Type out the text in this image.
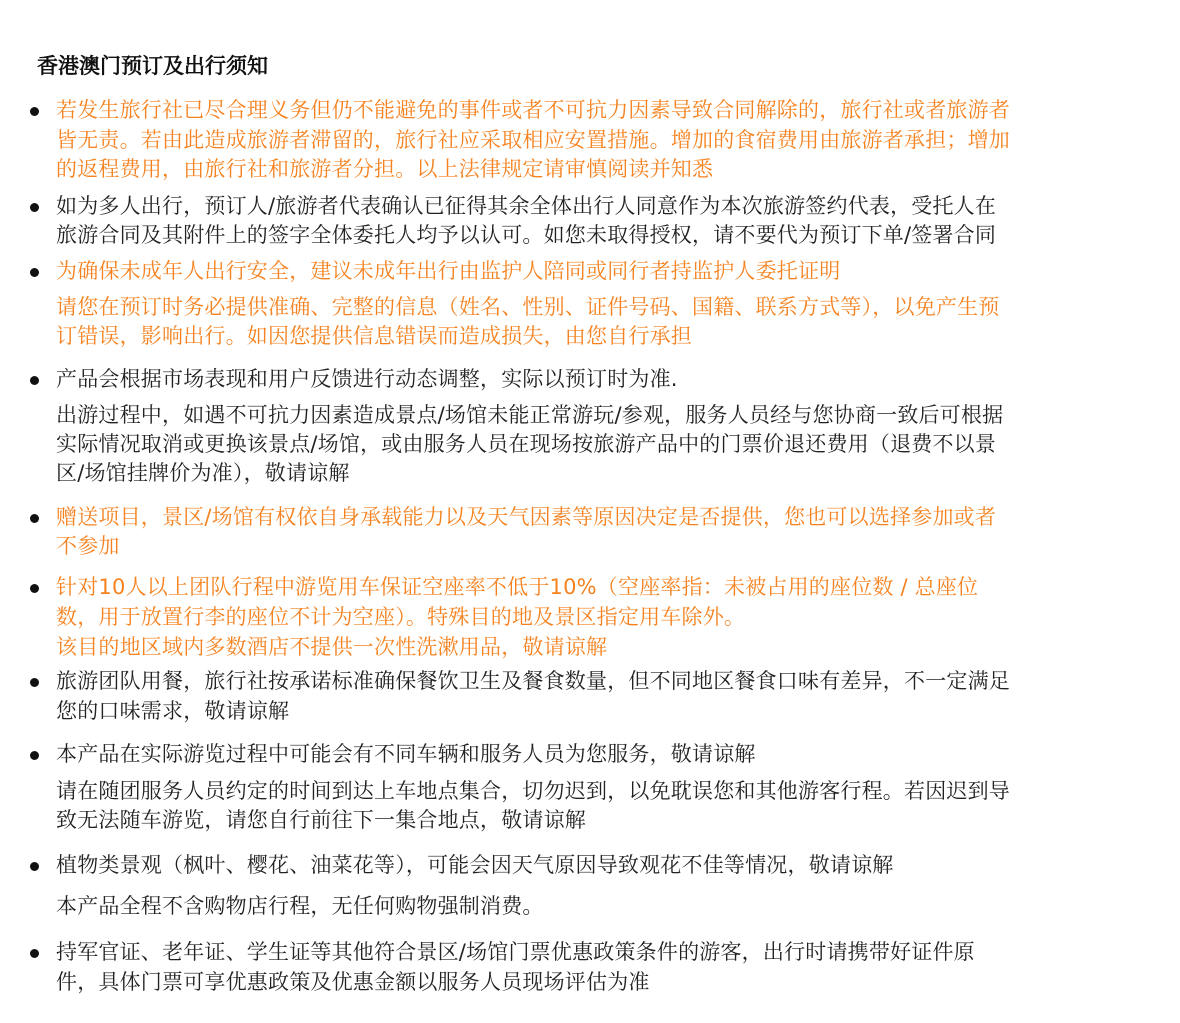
香港澳门预订及出行须知
若发生旅行社已尽合理义务但仍不能避免的事件或者不可抗力因素导致合同解除的，旅行社或者旅游者
皆无责。若由此造成旅游者滞留的，旅行社应采取相应安置措施。增加的食宿费用由旅游者承担；增加
的返程费用，由旅行社和旅游者分担。以上法律规定请审慎阅读并知悉
如为多人出行，预订人/旅游者代表确认已征得其余全体出行人同意作为本次旅游签约代表，受托人在
旅游合同及其附件上的签字全体委托人均予以认可。如您未取得授权，请不要代为预订下单/签署合同
为确保未成年人出行安全，建议未成年出行由监护人陪同或同行者持监护人委托证明
请您在预订时务必提供准确、完整的信息（姓名、性别、证件号码、国籍、联系方式等），以免产生预
订错误，影响出行。如因您提供信息错误而造成损失，由您自行承担
产品会根据市场表现和用户反馈进行动态调整，实际以预订时为准.
出游过程中，如遇不可抗力因素造成景点/场馆未能正常游玩/参观，服务人员经与您协商一致后可根据
实际情况取消或更换该景点/场馆，或由服务人员在现场按旅游产品中的门票价退还费用（退费不以景
区/场馆挂牌价为准），敬请谅解
赠送项目，景区/场馆有权依自身承载能力以及天气因素等原因决定是否提供，您也可以选择参加或者
不参加
针对10人以上团队行程中游览用车保证空座率不低于10%（空座率指：未被占用的座位数 / 总座位
数，用于放置行李的座位不计为空座）。特殊目的地及景区指定用车除外。
该目的地区域内多数酒店不提供一次性洗漱用品，敬请谅解
旅游团队用餐，旅行社按承诺标准确保餐饮卫生及餐食数量，但不同地区餐食口味有差异，不一定满足
您的口味需求，敬请谅解
本产品在实际游览过程中可能会有不同车辆和服务人员为您服务，敬请谅解
请在随团服务人员约定的时间到达上车地点集合，切勿迟到，以免耽误您和其他游客行程。若因迟到导
致无法随车游览，请您自行前往下一集合地点，敬请谅解
植物类景观（枫叶、樱花、油菜花等），可能会因天气原因导致观花不佳等情况，敬请谅解
本产品全程不含购物店行程，无任何购物强制消费。
持军官证、老年证、学生证等其他符合景区/场馆门票优惠政策条件的游客，出行时请携带好证件原
件，具体门票可享优惠政策及优惠金额以服务人员现场评估为准
